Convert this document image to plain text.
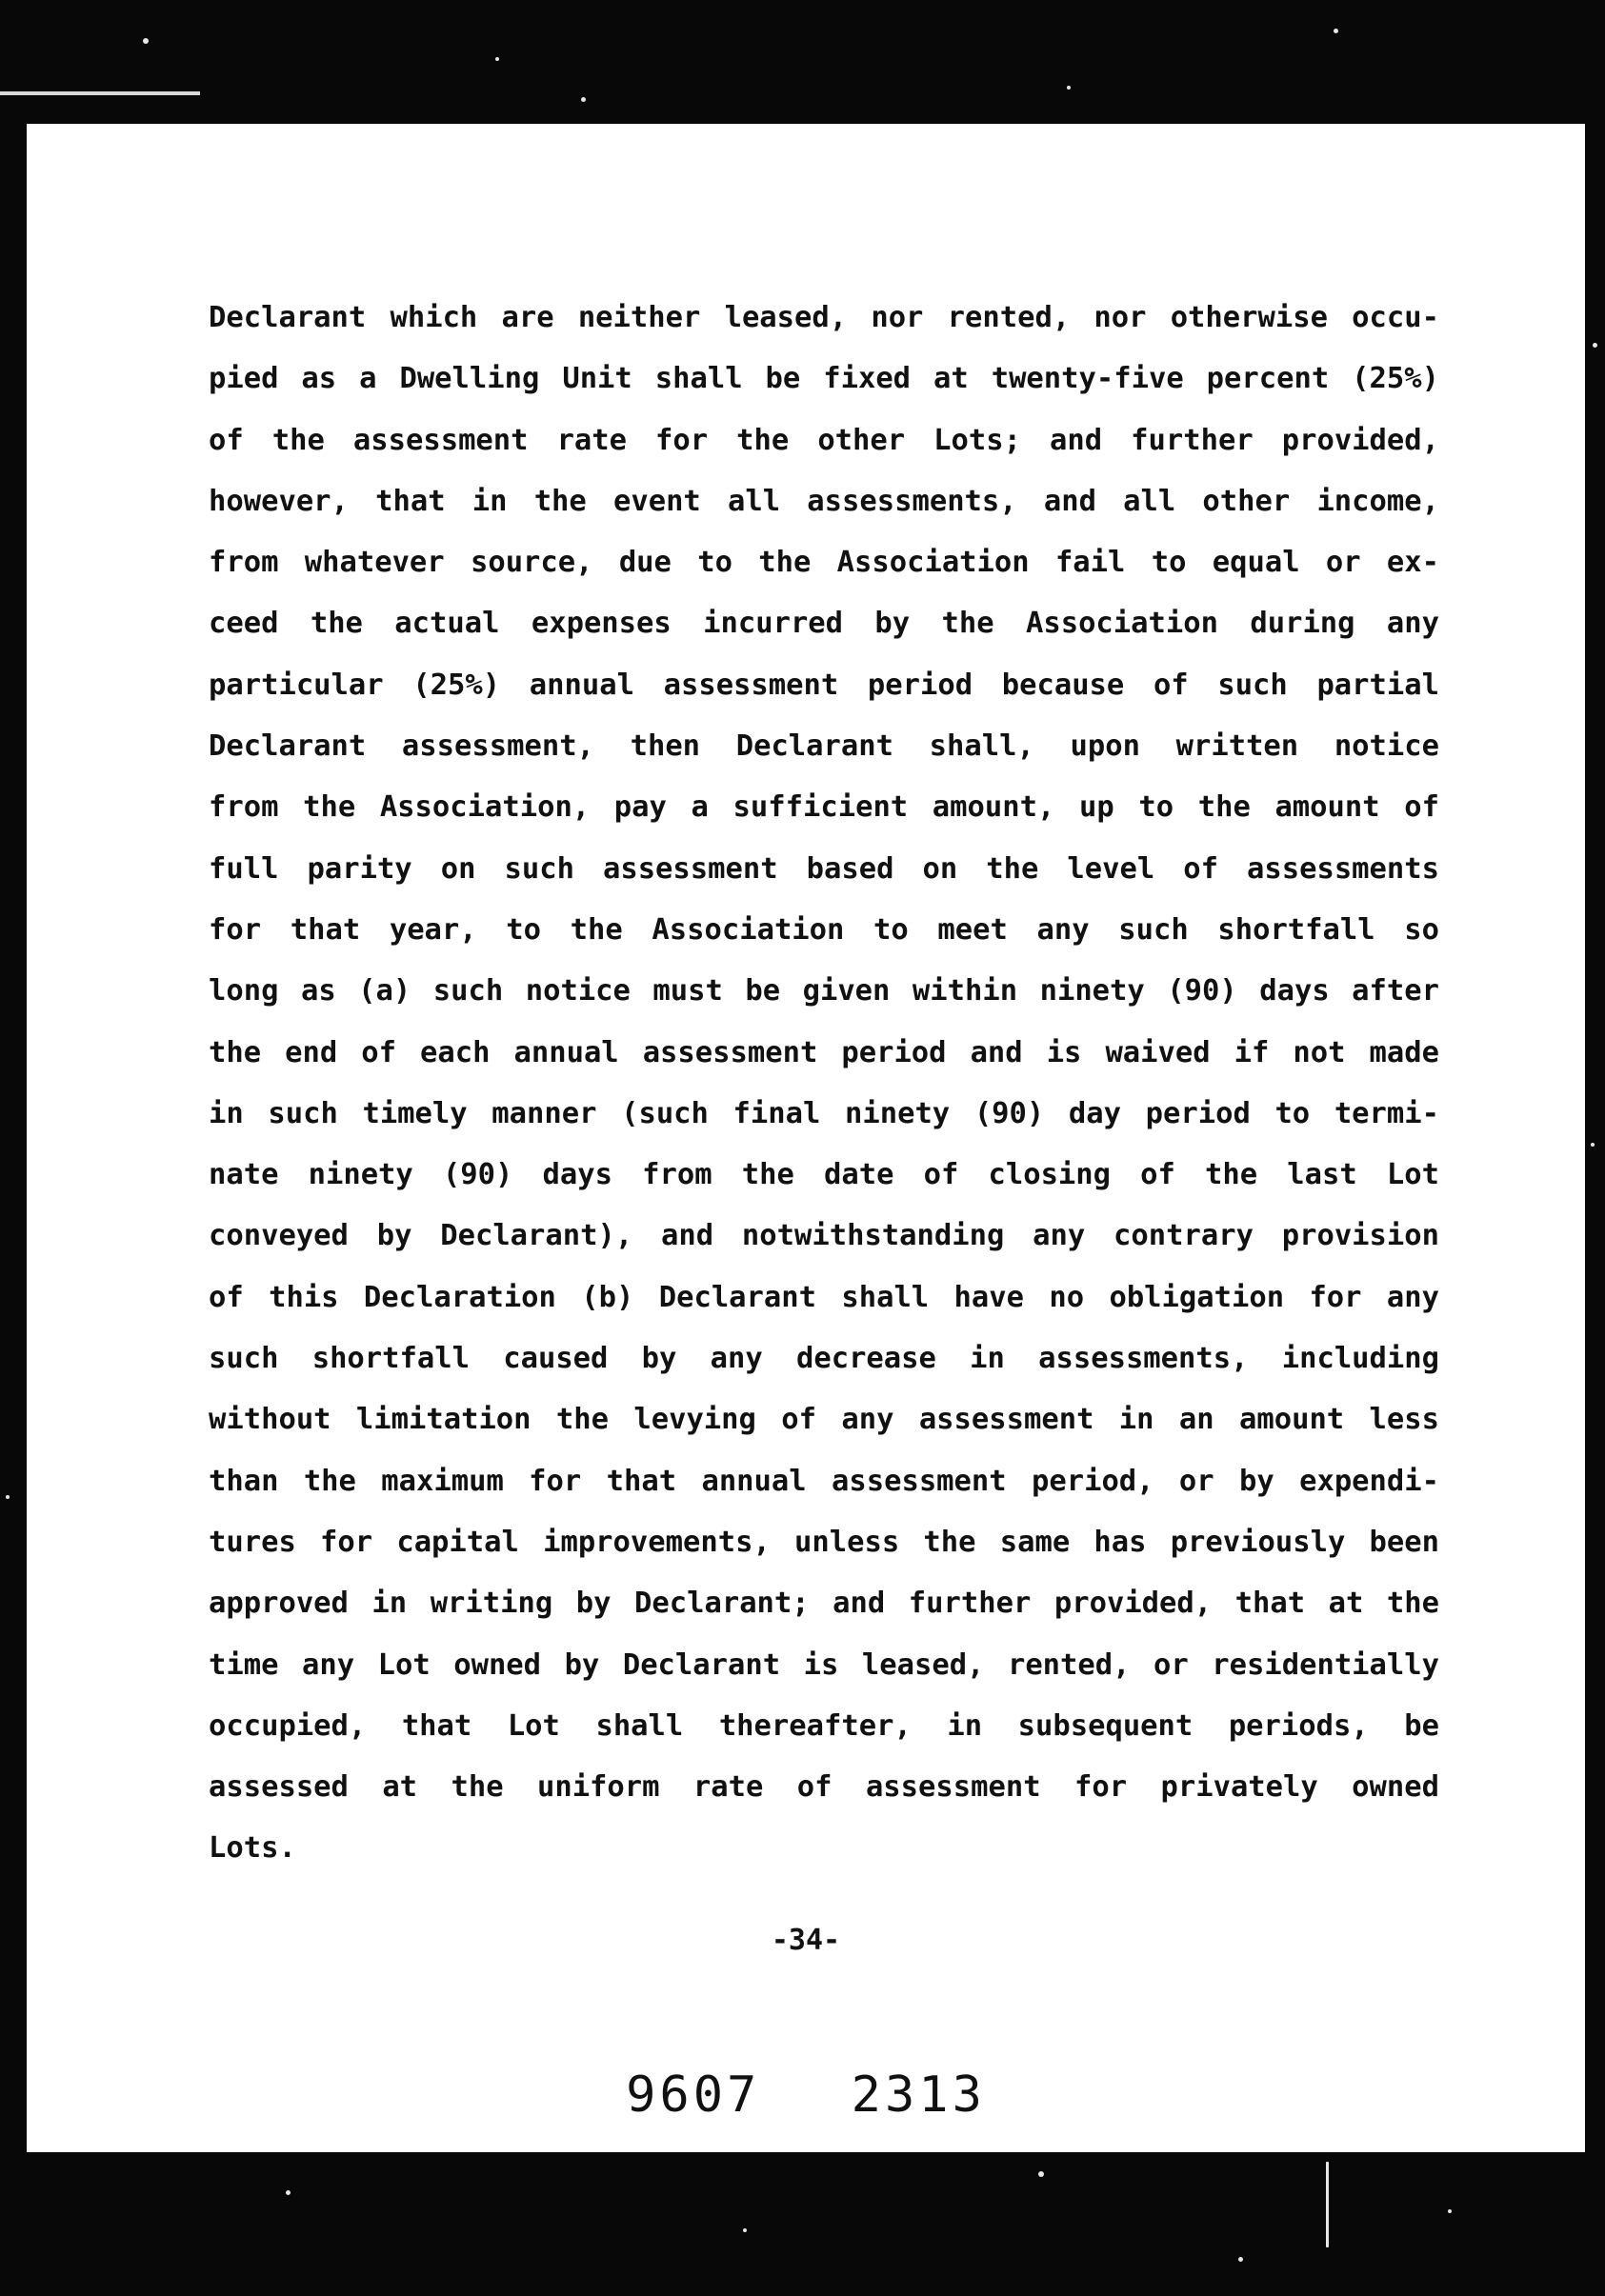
Declarant which are neither leased, nor rented, nor otherwise occu-
pied as a Dwelling Unit shall be fixed at twenty-five percent (25%)
of the assessment rate for the other Lots; and further provided,
however, that in the event all assessments, and all other income,
from whatever source, due to the Association fail to equal or ex-
ceed the actual expenses incurred by the Association during any
particular (25%) annual assessment period because of such partial
Declarant assessment, then Declarant shall, upon written notice
from the Association, pay a sufficient amount, up to the amount of
full parity on such assessment based on the level of assessments
for that year, to the Association to meet any such shortfall so
long as (a) such notice must be given within ninety (90) days after
the end of each annual assessment period and is waived if not made
in such timely manner (such final ninety (90) day period to termi-
nate ninety (90) days from the date of closing of the last Lot
conveyed by Declarant), and notwithstanding any contrary provision
of this Declaration (b) Declarant shall have no obligation for any
such shortfall caused by any decrease in assessments, including
without limitation the levying of any assessment in an amount less
than the maximum for that annual assessment period, or by expendi-
tures for capital improvements, unless the same has previously been
approved in writing by Declarant; and further provided, that at the
time any Lot owned by Declarant is leased, rented, or residentially
occupied, that Lot shall thereafter, in subsequent periods, be
assessed at the uniform rate of assessment for privately owned
Lots.

-34-
9607 2313
